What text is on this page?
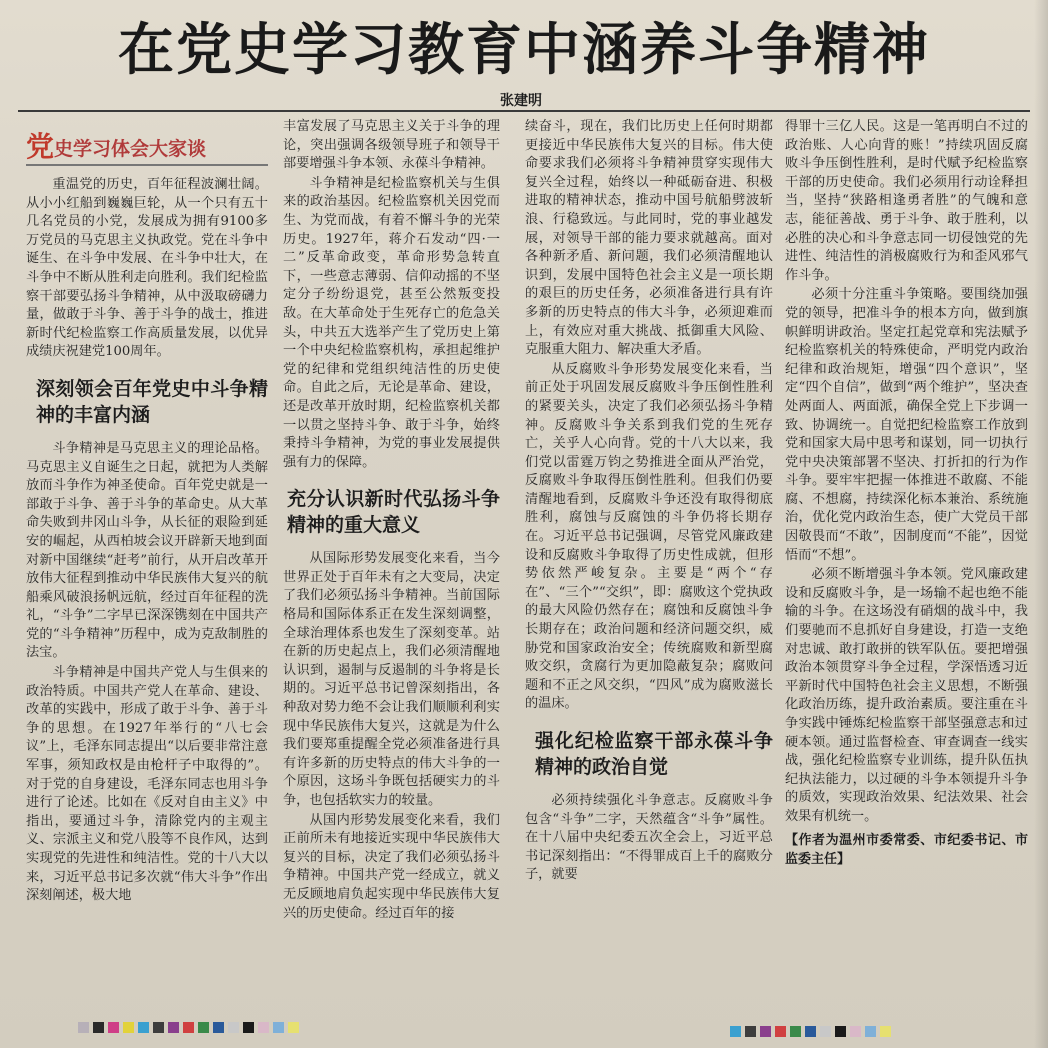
在党史学习教育中涵养斗争精神
张建明
党 史学习体会大家谈

重温党的历史，百年征程波澜壮阔。从小小红船到巍巍巨轮，从一个只有五十几名党员的小党，发展成为拥有9100多万党员的马克思主义执政党。党在斗争中诞生、在斗争中发展、在斗争中壮大，在斗争中不断从胜利走向胜利。我们纪检监察干部要弘扬斗争精神，从中汲取磅礴力量，做敢于斗争、善于斗争的战士，推进新时代纪检监察工作高质量发展，以优异成绩庆祝建党100周年。

深刻领会百年党史中斗争精神的丰富内涵

斗争精神是马克思主义的理论品格。马克思主义自诞生之日起，就把为人类解放而斗争作为神圣使命。百年党史就是一部敢于斗争、善于斗争的革命史。从大革命失败到井冈山斗争，从长征的艰险到延安的崛起，从西柏坡会议开辟新天地到面对新中国继续“赶考”前行，从开启改革开放伟大征程到推动中华民族伟大复兴的航船乘风破浪扬帆远航，经过百年征程的洗礼，“斗争”二字早已深深镌刻在中国共产党的“斗争精神”历程中，成为克敌制胜的法宝。

斗争精神是中国共产党人与生俱来的政治特质。中国共产党人在革命、建设、改革的实践中，形成了敢于斗争、善于斗争的思想。在1927年举行的“八七会议”上，毛泽东同志提出“以后要非常注意军事，须知政权是由枪杆子中取得的”。对于党的自身建设，毛泽东同志也用斗争进行了论述。比如在《反对自由主义》中指出，要通过斗争，清除党内的主观主义、宗派主义和党八股等不良作风，达到实现党的先进性和纯洁性。党的十八大以来，习近平总书记多次就“伟大斗争”作出深刻阐述，极大地

丰富发展了马克思主义关于斗争的理论，突出强调各级领导班子和领导干部要增强斗争本领、永葆斗争精神。

斗争精神是纪检监察机关与生俱来的政治基因。纪检监察机关因党而生、为党而战，有着不懈斗争的光荣历史。1927年，蒋介石发动“四·一二”反革命政变，革命形势急转直下，一些意志薄弱、信仰动摇的不坚定分子纷纷退党，甚至公然叛变投敌。在大革命处于生死存亡的危急关头，中共五大选举产生了党历史上第一个中央纪检监察机构，承担起维护党的纪律和党组织纯洁性的历史使命。自此之后，无论是革命、建设，还是改革开放时期，纪检监察机关都一以贯之坚持斗争、敢于斗争，始终秉持斗争精神，为党的事业发展提供强有力的保障。

充分认识新时代弘扬斗争精神的重大意义

从国际形势发展变化来看，当今世界正处于百年未有之大变局，决定了我们必须弘扬斗争精神。当前国际格局和国际体系正在发生深刻调整，全球治理体系也发生了深刻变革。站在新的历史起点上，我们必须清醒地认识到，遏制与反遏制的斗争将是长期的。习近平总书记曾深刻指出，各种敌对势力绝不会让我们顺顺利利实现中华民族伟大复兴，这就是为什么我们要郑重提醒全党必须准备进行具有许多新的历史特点的伟大斗争的一个原因，这场斗争既包括硬实力的斗争，也包括软实力的较量。

从国内形势发展变化来看，我们正前所未有地接近实现中华民族伟大复兴的目标，决定了我们必须弘扬斗争精神。中国共产党一经成立，就义无反顾地肩负起实现中华民族伟大复兴的历史使命。经过百年的接

续奋斗，现在，我们比历史上任何时期都更接近中华民族伟大复兴的目标。伟大使命要求我们必须将斗争精神贯穿实现伟大复兴全过程，始终以一种砥砺奋进、积极进取的精神状态，推动中国号航船劈波斩浪、行稳致远。与此同时，党的事业越发展，对领导干部的能力要求就越高。面对各种新矛盾、新问题，我们必须清醒地认识到，发展中国特色社会主义是一项长期的艰巨的历史任务，必须准备进行具有许多新的历史特点的伟大斗争，必须迎难而上，有效应对重大挑战、抵御重大风险、克服重大阻力、解决重大矛盾。

从反腐败斗争形势发展变化来看，当前正处于巩固发展反腐败斗争压倒性胜利的紧要关头，决定了我们必须弘扬斗争精神。反腐败斗争关系到我们党的生死存亡，关乎人心向背。党的十八大以来，我们党以雷霆万钧之势推进全面从严治党，反腐败斗争取得压倒性胜利。但我们仍要清醒地看到，反腐败斗争还没有取得彻底胜利，腐蚀与反腐蚀的斗争仍将长期存在。习近平总书记强调，尽管党风廉政建设和反腐败斗争取得了历史性成就，但形势依然严峻复杂。主要是“两个“存在”、“三个”“交织”，即：腐败这个党执政的最大风险仍然存在；腐蚀和反腐蚀斗争长期存在；政治问题和经济问题交织，威胁党和国家政治安全；传统腐败和新型腐败交织，贪腐行为更加隐蔽复杂；腐败问题和不正之风交织，“四风”成为腐败滋长的温床。

强化纪检监察干部永葆斗争精神的政治自觉

必须持续强化斗争意志。反腐败斗争包含“斗争”二字，天然蕴含“斗争”属性。在十八届中央纪委五次全会上，习近平总书记深刻指出：“不得罪成百上千的腐败分子，就要

得罪十三亿人民。这是一笔再明白不过的政治账、人心向背的账！”持续巩固反腐败斗争压倒性胜利，是时代赋予纪检监察干部的历史使命。我们必须用行动诠释担当，坚持“狭路相逢勇者胜”的气魄和意志，能征善战、勇于斗争、敢于胜利，以必胜的决心和斗争意志同一切侵蚀党的先进性、纯洁性的消极腐败行为和歪风邪气作斗争。

必须十分注重斗争策略。要围绕加强党的领导，把准斗争的根本方向，做到旗帜鲜明讲政治。坚定扛起党章和宪法赋予纪检监察机关的特殊使命，严明党内政治纪律和政治规矩，增强“四个意识”，坚定“四个自信”，做到“两个维护”，坚决查处两面人、两面派，确保全党上下步调一致、协调统一。自觉把纪检监察工作放到党和国家大局中思考和谋划，同一切执行党中央决策部署不坚决、打折扣的行为作斗争。要牢牢把握一体推进不敢腐、不能腐、不想腐，持续深化标本兼治、系统施治，优化党内政治生态，使广大党员干部因敬畏而“不敢”，因制度而“不能”，因觉悟而“不想”。

必须不断增强斗争本领。党风廉政建设和反腐败斗争，是一场输不起也绝不能输的斗争。在这场没有硝烟的战斗中，我们要驰而不息抓好自身建设，打造一支绝对忠诚、敢打敢拼的铁军队伍。要把增强政治本领贯穿斗争全过程，学深悟透习近平新时代中国特色社会主义思想，不断强化政治历练，提升政治素质。要注重在斗争实践中锤炼纪检监察干部坚强意志和过硬本领。通过监督检查、审查调查一线实战，强化纪检监察专业训练，提升队伍执纪执法能力，以过硬的斗争本领提升斗争的质效，实现政治效果、纪法效果、社会效果有机统一。

【作者为温州市委常委、市纪委书记、市监委主任】
